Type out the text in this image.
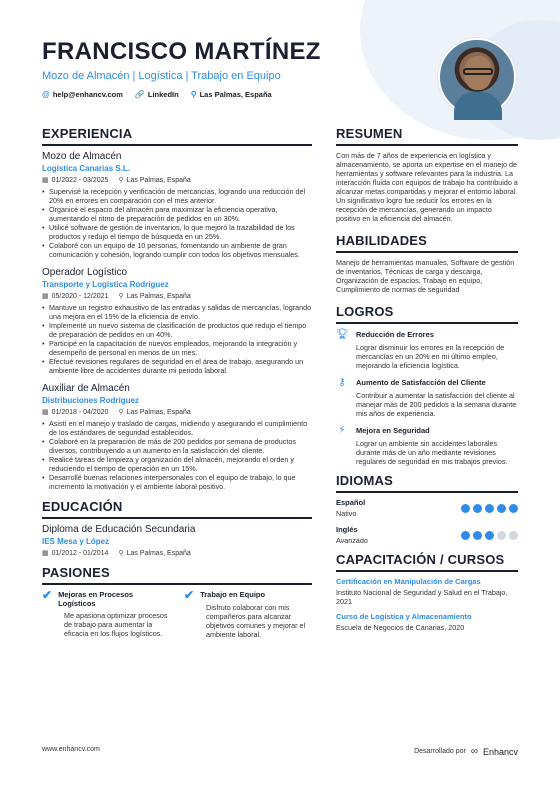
FRANCISCO MARTÍNEZ
Mozo de Almacén | Logística | Trabajo en Equipo
@ help@enhancv.com 🔗 LinkedIn ⚲ Las Palmas, España
EXPERIENCIA
Mozo de Almacén
Logística Canarias S.L.
▦ 01/2022 - 03/2025 ⚲ Las Palmas, España
• Supervisé la recepción y verificación de mercancías, logrando una reducción del 20% en errores en comparación con el mes anterior.
• Organicé el espacio del almacén para maximizar la eficiencia operativa, aumentando el ritmo de preparación de pedidos en un 30%.
• Utilicé software de gestión de inventarios, lo que mejoró la trazabilidad de los productos y redujo el tiempo de búsqueda en un 25%.
• Colaboré con un equipo de 10 personas, fomentando un ambiente de gran comunicación y cohesión, logrando cumplir con todos los objetivos mensuales.
Operador Logístico
Transporte y Logística Rodríguez
▦ 05/2020 - 12/2021 ⚲ Las Palmas, España
• Mantuve un registro exhaustivo de las entradas y salidas de mercancías, logrando una mejora en el 15% de la eficiencia de envío.
• Implementé un nuevo sistema de clasificación de productos que redujo el tiempo de preparación de pedidos en un 40%.
• Participé en la capacitación de nuevos empleados, mejorando la integración y desempeño de personal en menos de un mes.
• Efectué revisiones regulares de seguridad en el área de trabajo, asegurando un ambiente libre de accidentes durante mi periodo laboral.
Auxiliar de Almacén
Distribuciones Rodríguez
▦ 01/2018 - 04/2020 ⚲ Las Palmas, España
• Asistí en el manejo y traslado de cargas, midiendo y asegurando el cumplimiento de los estándares de seguridad establecidos.
• Colaboré en la preparación de más de 200 pedidos por semana de productos diversos, contribuyendo a un aumento en la satisfacción del cliente.
• Realicé tareas de limpieza y organización del almacén, mejorando el orden y reduciendo el tiempo de operación en un 15%.
• Desarrollé buenas relaciones interpersonales con el equipo de trabajo, lo que incrementó la motivación y el ambiente laboral positivo.
EDUCACIÓN
Diploma de Educación Secundaria
IES Mesa y López
▦ 01/2012 - 01/2014 ⚲ Las Palmas, España
PASIONES
✔ Mejoras en Procesos Logísticos
Me apasiona optimizar procesos de trabajo para aumentar la eficacia en los flujos logísticos.
✔ Trabajo en Equipo
Disfruto colaborar con mis compañeros para alcanzar objetivos comunes y mejorar el ambiente laboral.
RESUMEN
Con más de 7 años de experiencia en logística y almacenamiento, se aporta un expertise en el manejo de herramientas y software relevantes para la industria. La interacción fluida con equipos de trabajo ha contribuido a alcanzar metas compartidas y mejorar el entorno laboral. Un significativo logro fue reducir los errores en la recepción de mercancías, generando un impacto positivo en la eficiencia del almacén.
HABILIDADES
Manejo de herramientas manuales, Software de gestión de inventarios, Técnicas de carga y descarga, Organización de espacios, Trabajo en equipo, Cumplimiento de normas de seguridad
LOGROS
🏆︎ Reducción de Errores
Lograr disminuir los errores en la recepción de mercancías en un 20% en mi último empleo, mejorando la eficiencia logística.
⚷	Aumento de Satisfacción del Cliente
Contribuir a aumentar la satisfacción del cliente al manejar más de 200 pedidos a la semana durante mis años de experiencia.
⚡︎	Mejora en Seguridad
Lograr un ambiente sin accidentes laborales durante más de un año mediante revisiones regulares de seguridad en mis trabajos previos.
IDIOMAS
Español
Nativo
Inglés
Avanzado
CAPACITACIÓN / CURSOS
Certificación en Manipulación de Cargas
Instituto Nacional de Seguridad y Salud en el Trabajo, 2021
Curso de Logística y Almacenamiento
Escuela de Negocios de Canarias, 2020
www.enhancv.com	Desarrollado por ∞ Enhancv
